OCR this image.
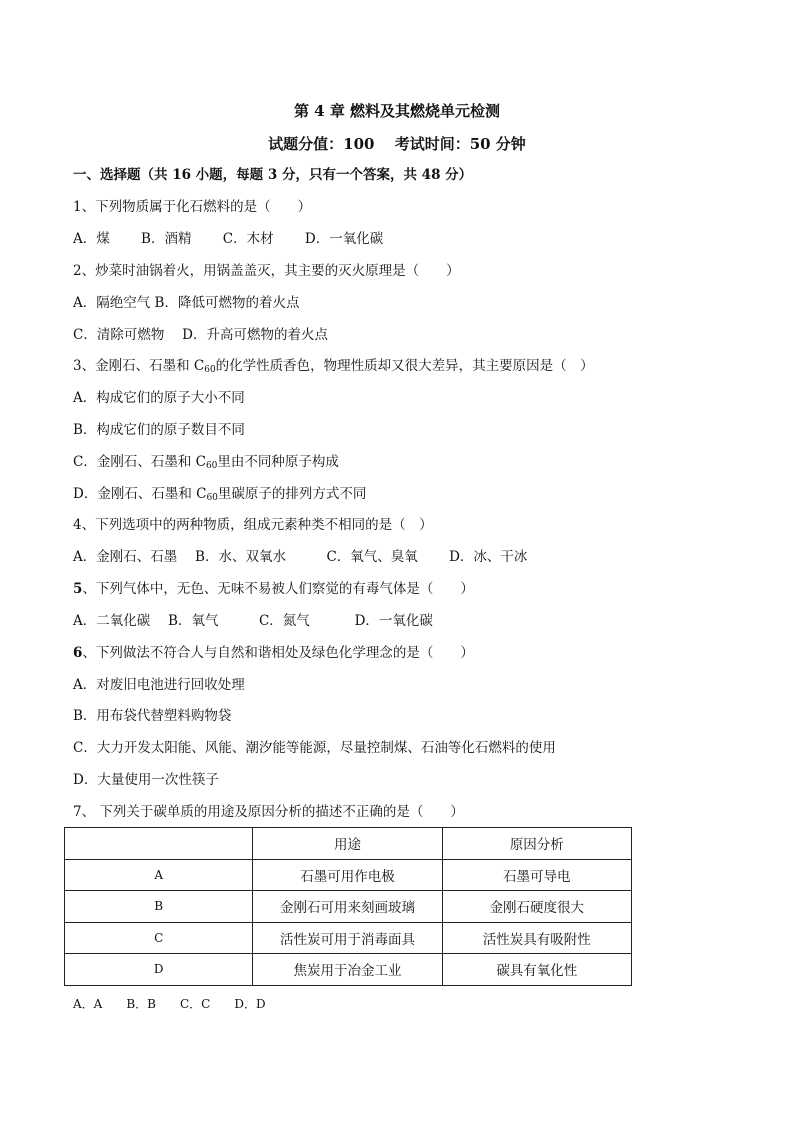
第 4 章 燃料及其燃烧单元检测
试题分值：100　 考试时间：50 分钟
一、选择题（共 16 小题，每题 3 分，只有一个答案，共 48 分）
1、下列物质属于化石燃料的是（　　）
A．煤　　 B．酒精　　 C．木材　　 D．一氧化碳
2、炒菜时油锅着火，用锅盖盖灭，其主要的灭火原理是（　　）
A．隔绝空气 B．降低可燃物的着火点
C．清除可燃物　 D．升高可燃物的着火点
3、金刚石、石墨和 $C_{60}$的化学性质香色，物理性质却又很大差异，其主要原因是（　）
A．构成它们的原子大小不同
B．构成它们的原子数目不同
C．金刚石、石墨和 $C_{60}$里由不同种原子构成
D．金刚石、石墨和 $C_{60}$里碳原子的排列方式不同
4、下列选项中的两种物质，组成元素种类不相同的是（　）
A．金刚石、石墨　 B．水、双氧水　　　C．氧气、臭氧　　 D．冰、干冰
5、下列气体中，无色、无味不易被人们察觉的有毒气体是（　　）
A．二氧化碳　 B．氧气　　　C．氮气　　　 D．一氧化碳
6、下列做法不符合人与自然和谐相处及绿色化学理念的是（　　）
A．对废旧电池进行回收处理
B．用布袋代替塑料购物袋
C．大力开发太阳能、风能、潮汐能等能源，尽量控制煤、石油等化石燃料的使用
D．大量使用一次性筷子
7、 下列关于碳单质的用途及原因分析的描述不正确的是（　　）
	用途	原因分析
A	石墨可用作电极	石墨可导电
B	金刚石可用来刻画玻璃	金刚石硬度很大
C	活性炭可用于消毒面具	活性炭具有吸附性
D	焦炭用于冶金工业	碳具有氧化性
A．A　　B．B　　C．C　　D．D
